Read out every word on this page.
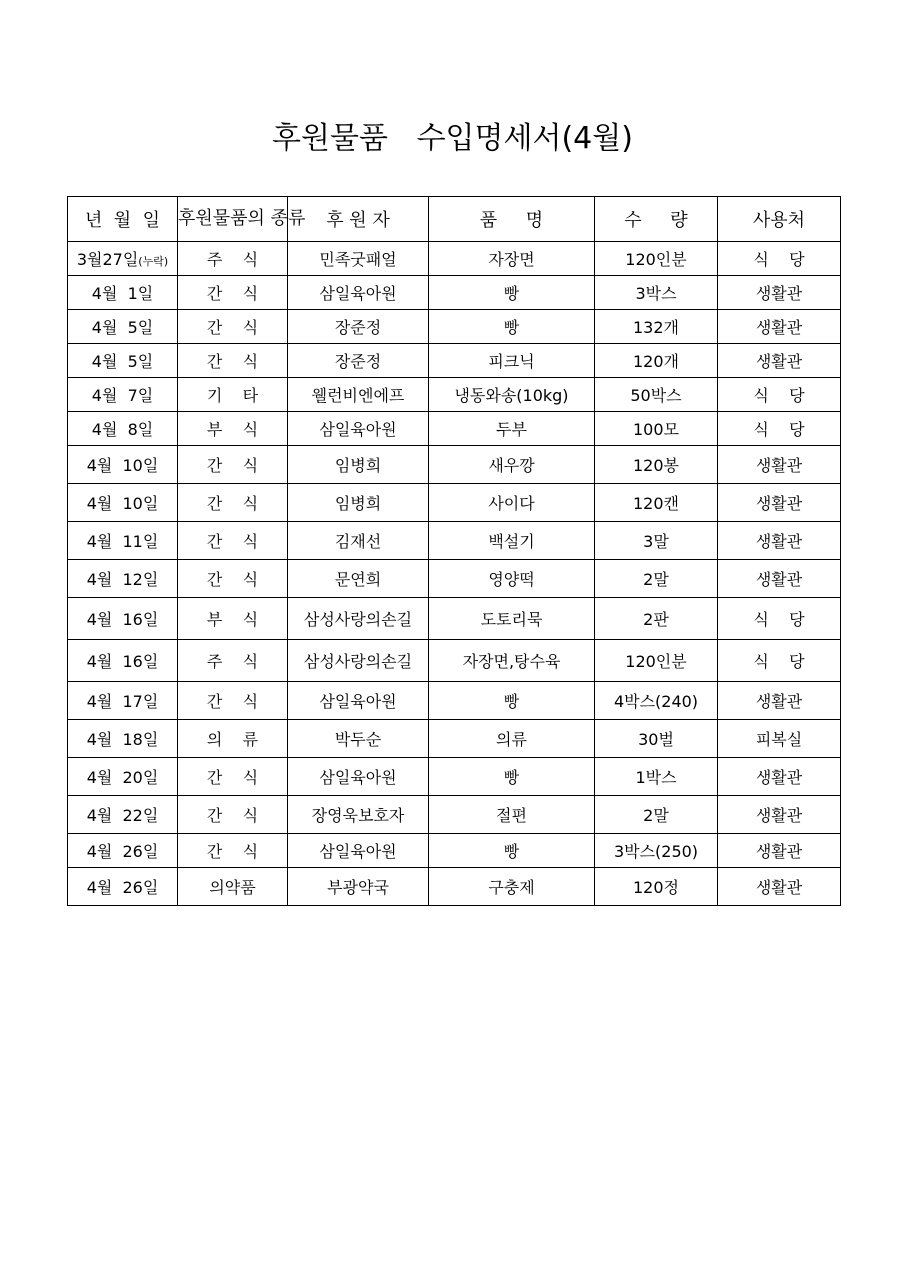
후원물품   수입명세서(4월)
년  월  일	후원물품의 종류	후 원 자	품     명	수     량	사용처
3월27일(누락)	주    식	민족굿패얼	자장면	120인분	식    당
4월  1일	간    식	삼일육아원	빵	3박스	생활관
4월  5일	간    식	장준정	빵	132개	생활관
4월  5일	간    식	장준정	피크닉	120개	생활관
4월  7일	기    타	웰런비엔에프	냉동와송(10kg)	50박스	식    당
4월  8일	부    식	삼일육아원	두부	100모	식    당
4월  10일	간    식	임병희	새우깡	120봉	생활관
4월  10일	간    식	임병희	사이다	120캔	생활관
4월  11일	간    식	김재선	백설기	3말	생활관
4월  12일	간    식	문연희	영양떡	2말	생활관
4월  16일	부    식	삼성사랑의손길	도토리묵	2판	식    당
4월  16일	주    식	삼성사랑의손길	자장면,탕수육	120인분	식    당
4월  17일	간    식	삼일육아원	빵	4박스(240)	생활관
4월  18일	의    류	박두순	의류	30벌	피복실
4월  20일	간    식	삼일육아원	빵	1박스	생활관
4월  22일	간    식	장영욱보호자	절편	2말	생활관
4월  26일	간    식	삼일육아원	빵	3박스(250)	생활관
4월  26일	의약품	부광약국	구충제	120정	생활관
